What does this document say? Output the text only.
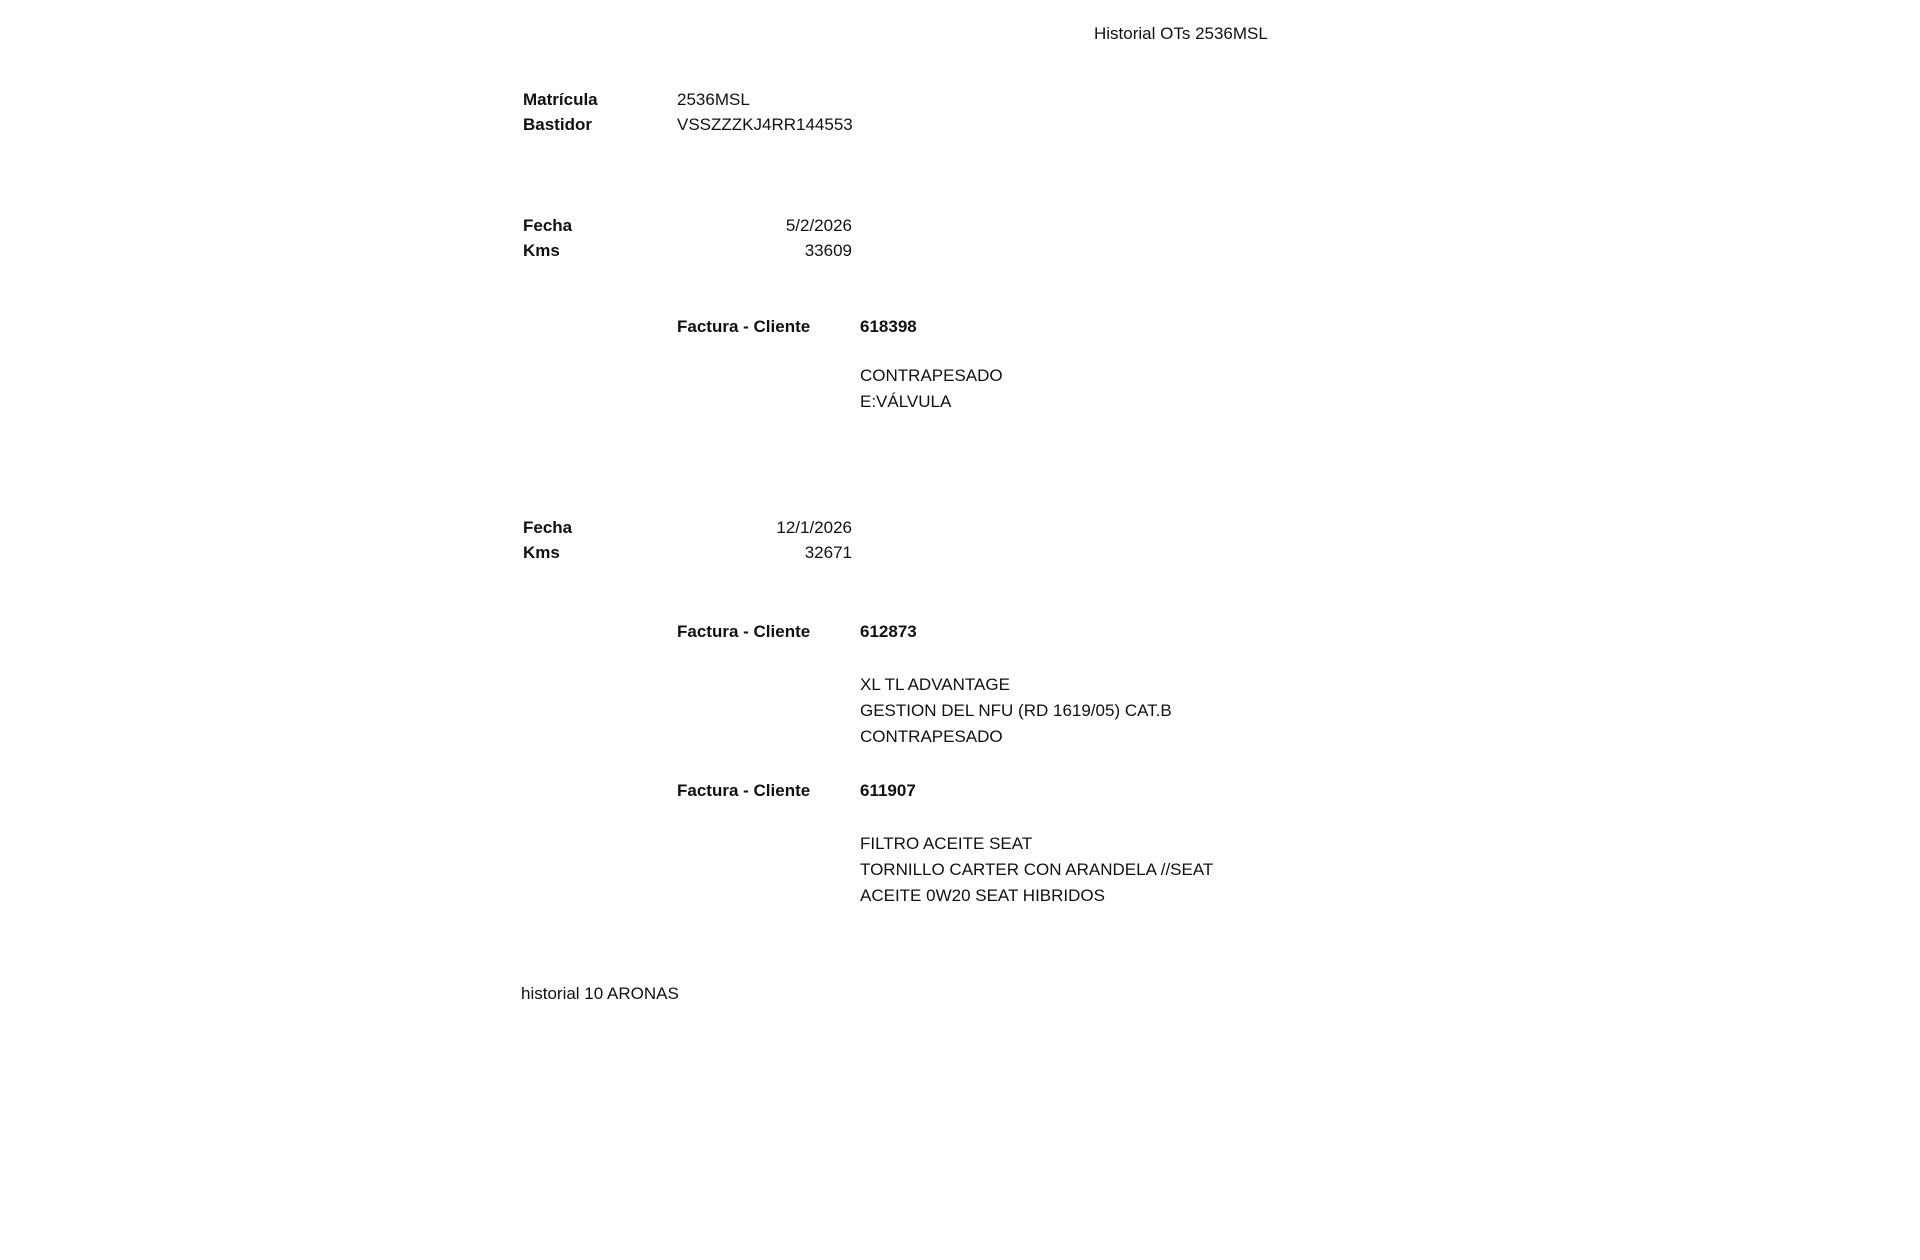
Historial OTs 2536MSL
Matrícula	2536MSL
Bastidor	VSSZZZKJ4RR144553
Fecha	5/2/2026
Kms	33609
Factura - Cliente	618398
CONTRAPESADO
E:VÁLVULA
Fecha	12/1/2026
Kms	32671
Factura - Cliente	612873
XL TL ADVANTAGE
GESTION DEL NFU (RD 1619/05) CAT.B
CONTRAPESADO
Factura - Cliente	611907
FILTRO ACEITE SEAT
TORNILLO CARTER CON ARANDELA //SEAT
ACEITE 0W20 SEAT HIBRIDOS
historial 10 ARONAS
